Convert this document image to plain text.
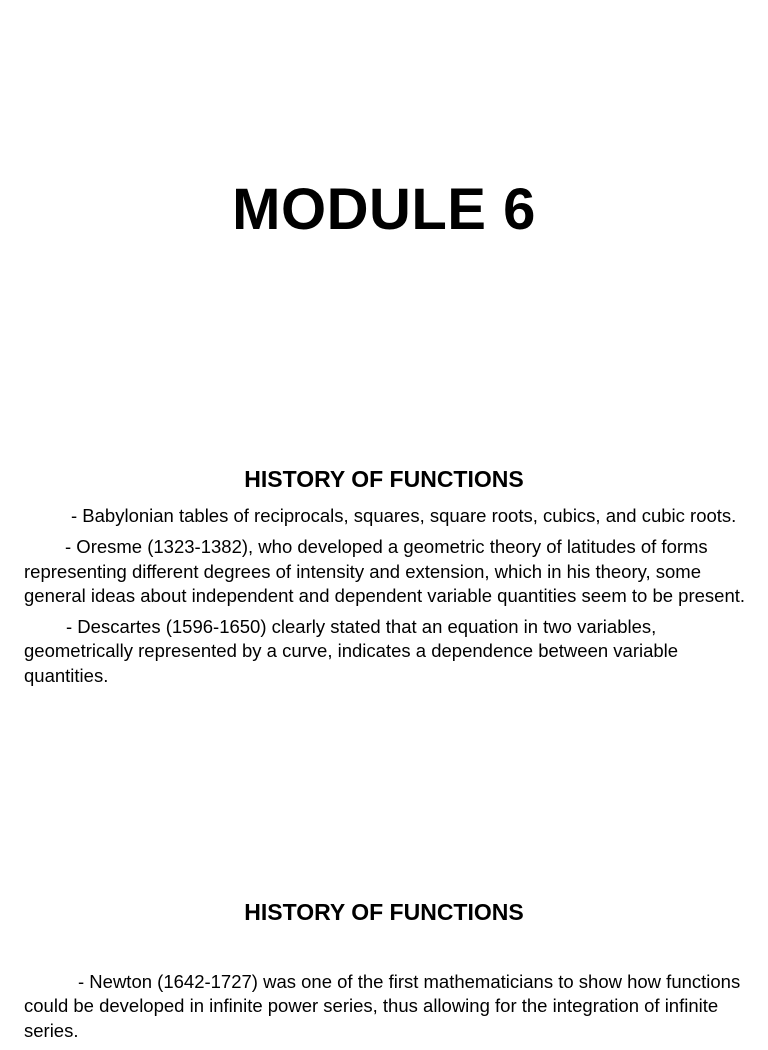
MODULE 6
HISTORY OF FUNCTIONS

- Babylonian tables of reciprocals, squares, square roots, cubics, and cubic roots.

- Oresme (1323-1382), who developed a geometric theory of latitudes of forms representing different degrees of intensity and extension, which in his theory, some general ideas about independent and dependent variable quantities seem to be present.

- Descartes (1596-1650) clearly stated that an equation in two variables, geometrically represented by a curve, indicates a dependence between variable quantities.

HISTORY OF FUNCTIONS

- Newton (1642-1727) was one of the first mathematicians to show how functions could be developed in infinite power series, thus allowing for the integration of infinite series.
